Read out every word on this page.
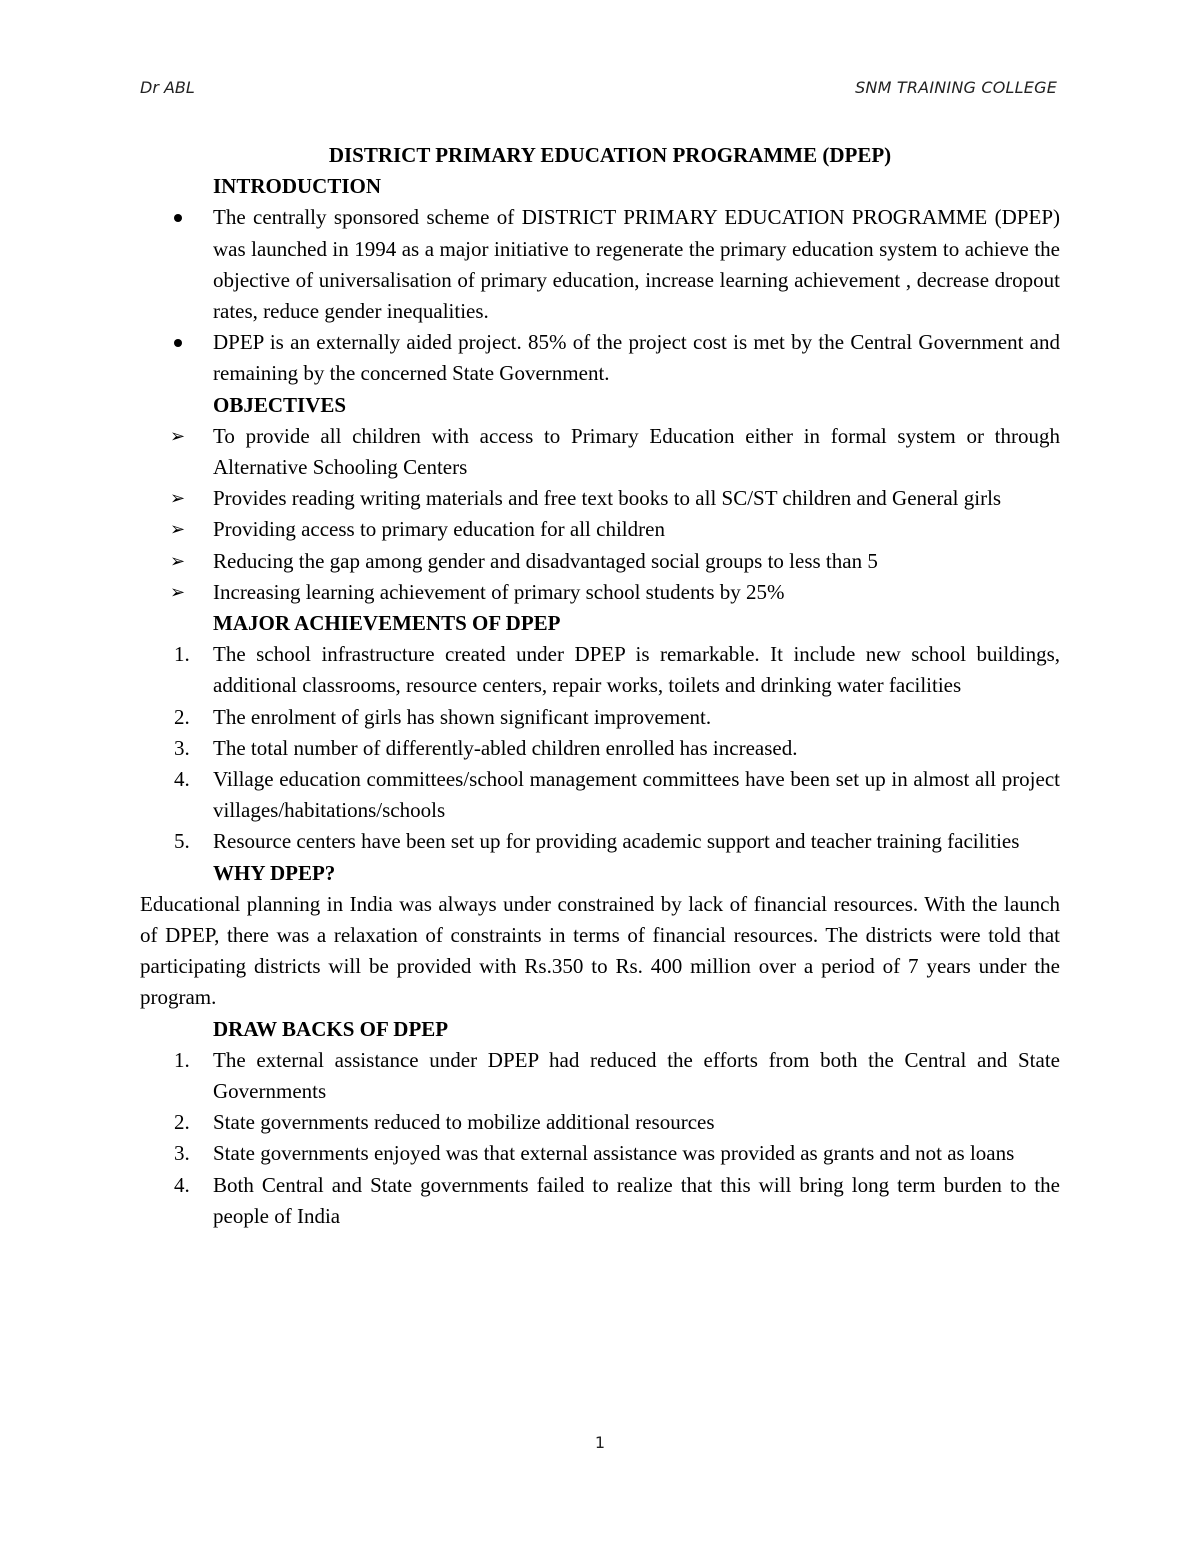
Dr ABL	SNM TRAINING COLLEGE
DISTRICT PRIMARY EDUCATION PROGRAMME (DPEP)
INTRODUCTION
The centrally sponsored scheme of DISTRICT PRIMARY EDUCATION PROGRAMME (DPEP) was launched in 1994 as a major initiative to regenerate the primary education system to achieve the objective of universalisation of primary education, increase learning achievement , decrease dropout rates, reduce gender inequalities.
DPEP is an externally aided project. 85% of the project cost is met by the Central Government and remaining by the concerned State Government.
OBJECTIVES
➢ To provide all children with access to Primary Education either in formal system or through Alternative Schooling Centers
➢ Provides reading writing materials and free text books to all SC/ST children and General girls
➢ Providing access to primary education for all children
➢ Reducing the gap among gender and disadvantaged social groups to less than 5
➢ Increasing learning achievement of primary school students by 25%
MAJOR ACHIEVEMENTS OF DPEP
1. The school infrastructure created under DPEP is remarkable. It include new school buildings, additional classrooms, resource centers, repair works, toilets and drinking water facilities
2. The enrolment of girls has shown significant improvement.
3. The total number of differently-abled children enrolled has increased.
4. Village education committees/school management committees have been set up in almost all project villages/habitations/schools
5. Resource centers have been set up for providing academic support and teacher training facilities
WHY DPEP?

Educational planning in India was always under constrained by lack of financial resources. With the launch of DPEP, there was a relaxation of constraints in terms of financial resources. The districts were told that participating districts will be provided with Rs.350 to Rs. 400 million over a period of 7 years under the program.

DRAW BACKS OF DPEP
1. The external assistance under DPEP had reduced the efforts from both the Central and State Governments
2. State governments reduced to mobilize additional resources
3. State governments enjoyed was that external assistance was provided as grants and not as loans
4. Both Central and State governments failed to realize that this will bring long term burden to the people of India
1
